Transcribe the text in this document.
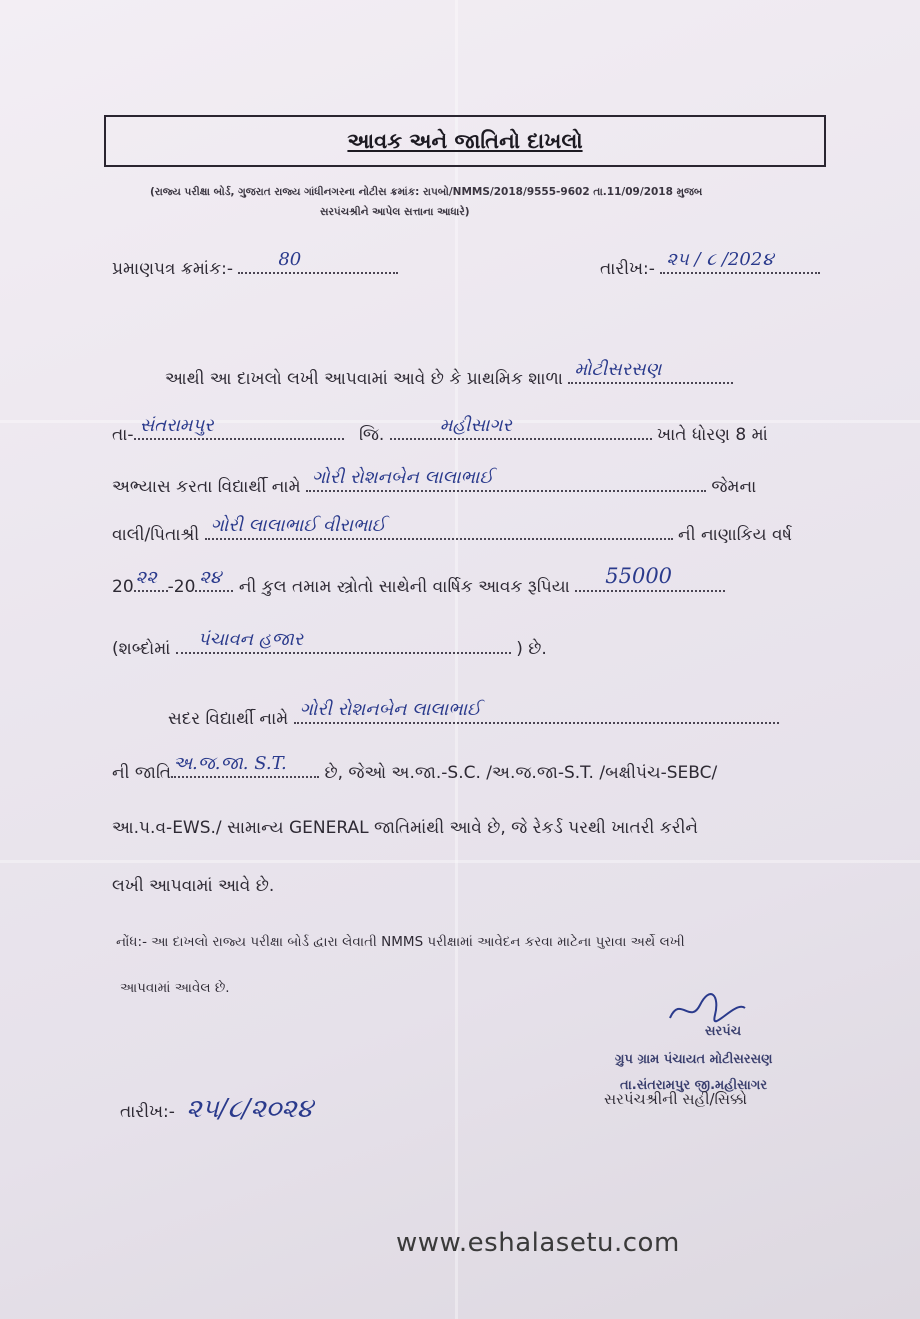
આવક અને જાતિનો દાખલો
(રાજ્ય પરીક્ષા બોર્ડ, ગુજરાત રાજ્ય ગાંધીનગરના નોટીસ ક્રમાંક: રાપબો/NMMS/2018/9555-9602 તા.11/09/2018 મુજબ
સરપંચશ્રીને આપેલ સત્તાના આધારે)
પ્રમાણપત્ર ક્રમાંક:-	80	તારીખ:- ૨૫ / ૮ /202૪
આથી આ દાખલો લખી આપવામાં આવે છે કે પ્રાથમિક શાળા મોટીસરસણ
તા- સંતરામપુર	જિ.	મહીસાગર	ખાતે ધોરણ 8 માં
અભ્યાસ કરતા વિદ્યાર્થી નામે ગોરી રોશનબેન લાલાભાઈ	જેમના
વાલી/પિતાશ્રી ગોરી લાલાભાઈ વીરાભાઈ	ની નાણાકિય વર્ષ
20 ૨૨ -20 ૨૪ ની કુલ તમામ સ્ત્રોતો સાથેની વાર્ષિક આવક રૂપિયા 55000
(શબ્દોમાં પંચાવન હજાર	) છે.
સદર વિદ્યાર્થી નામે ગોરી રોશનબેન લાલાભાઈ
ની જાતિ અ.જ.જા. S.T. છે, જેઓ અ.જા.-S.C. /અ.જ.જા-S.T. /બક્ષીપંચ-SEBC/
આ.પ.વ-EWS./ સામાન્ય GENERAL જાતિમાંથી આવે છે, જે રેકર્ડ પરથી ખાતરી કરીને
લખી આપવામાં આવે છે.
નોંધ:- આ દાખલો રાજ્ય પરીક્ષા બોર્ડ દ્વારા લેવાતી NMMS પરીક્ષામાં આવેદન કરવા માટેના પુરાવા અર્થે લખી
આપવામાં આવેલ છે.
સરપંચ
ગ્રુપ ગ્રામ પંચાયત મોટીસરસણ
તા.સંતરામપુર જી.મહીસાગર
સરપંચશ્રીની સહી/સિક્કો
તારીખ:- ૨૫/૮/૨૦૨૪
www.eshalasetu.com
